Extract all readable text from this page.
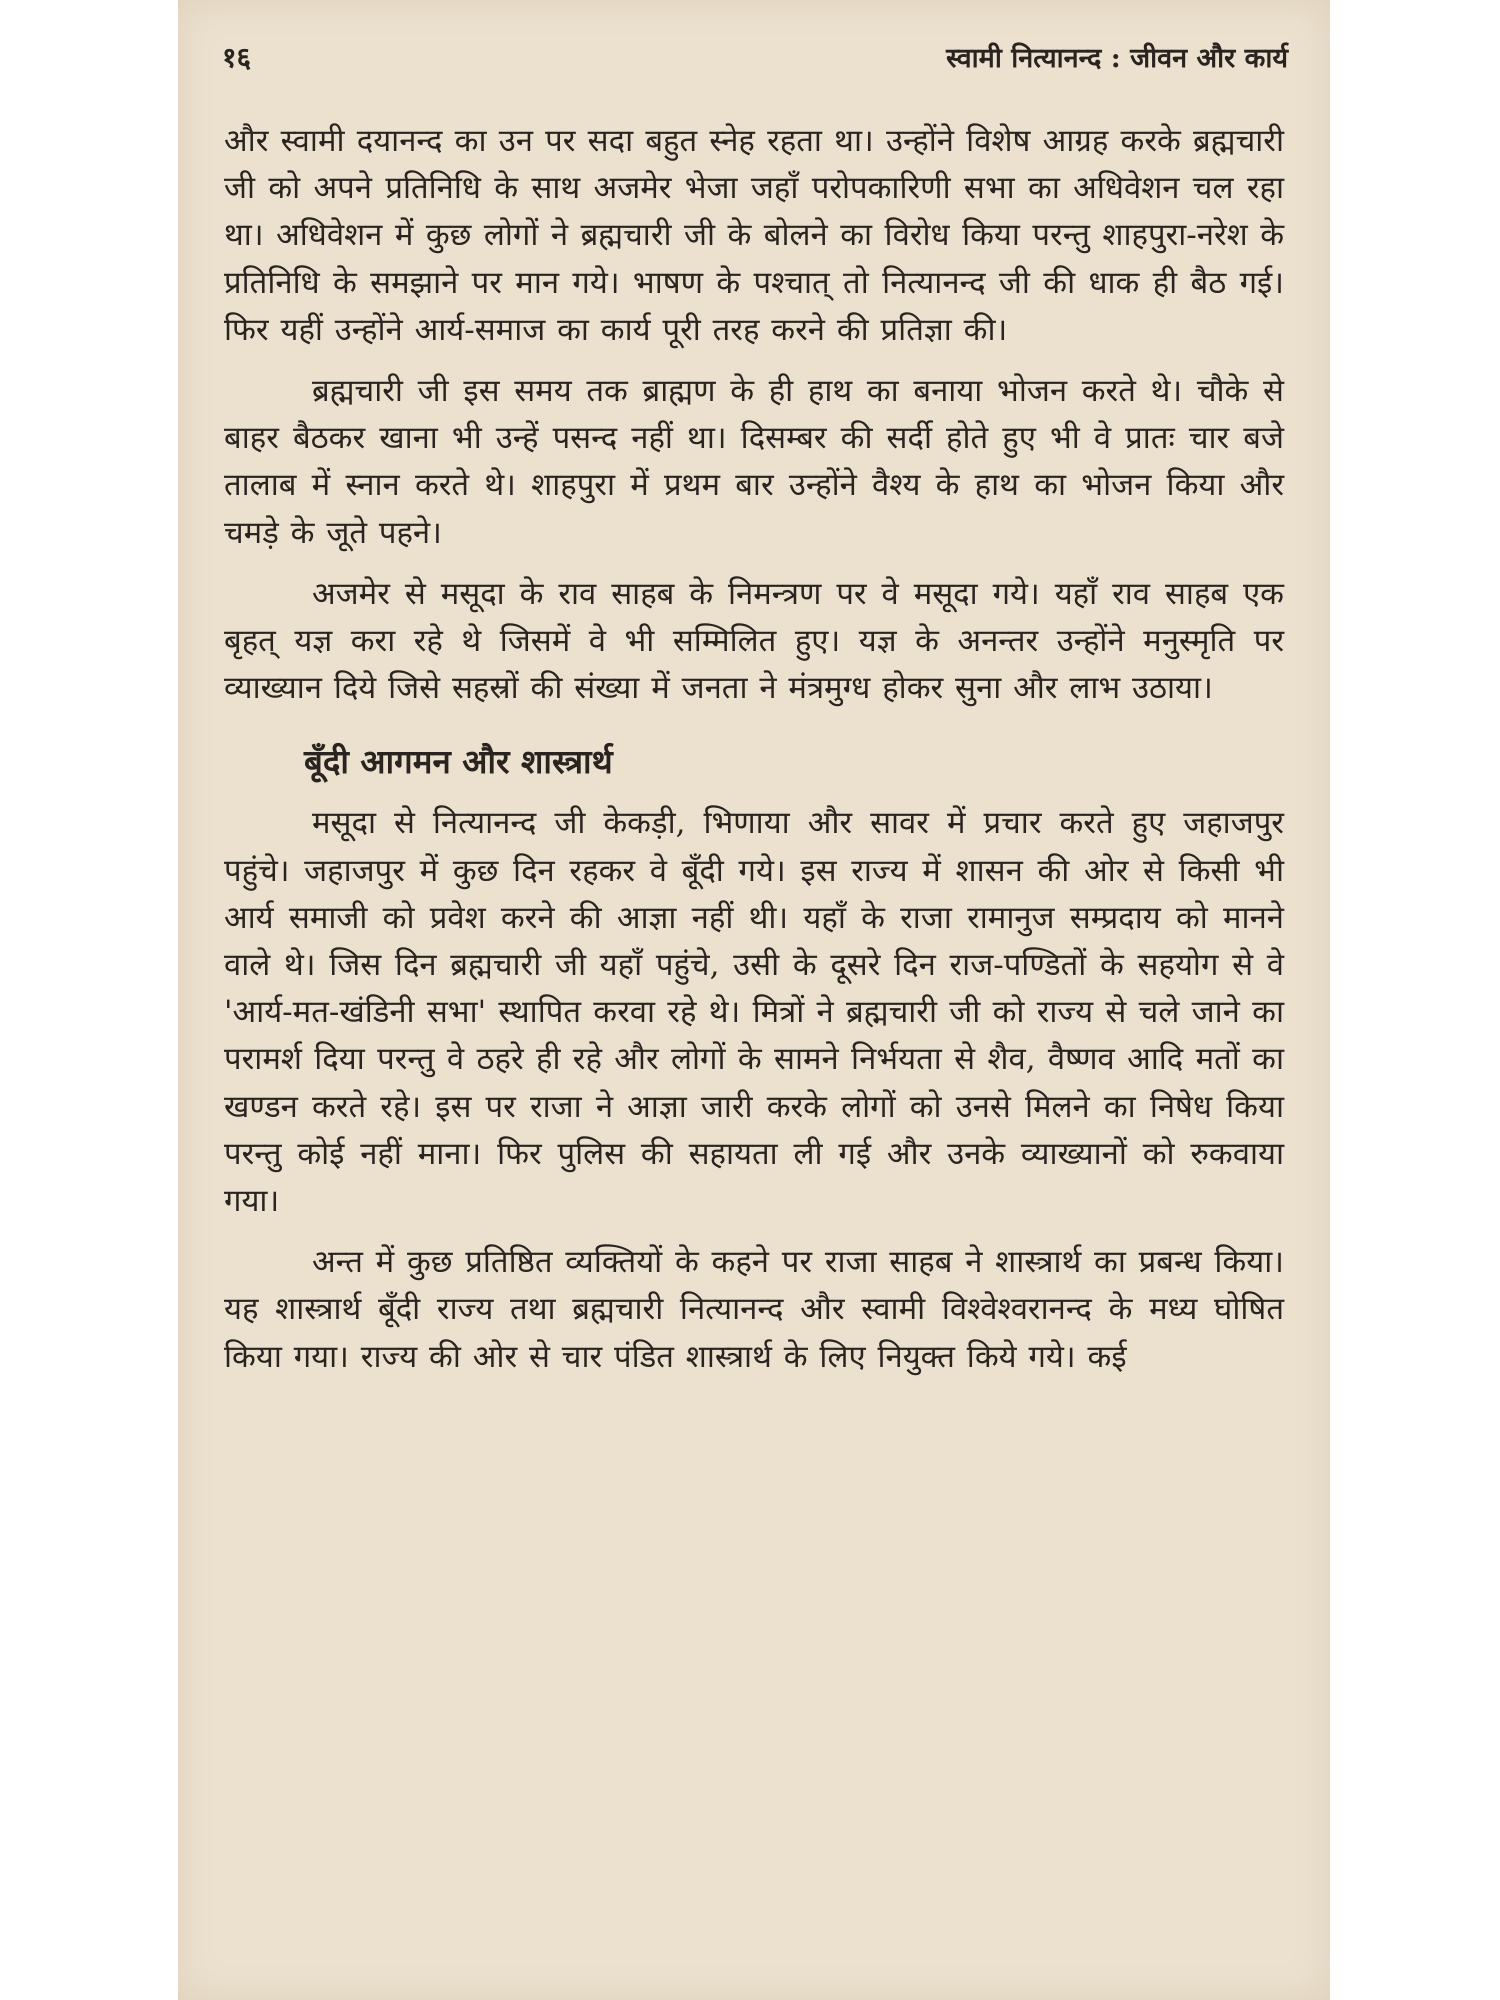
१६	स्वामी नित्यानन्द : जीवन और कार्य

और स्वामी दयानन्द का उन पर सदा बहुत स्नेह रहता था। उन्होंने विशेष आग्रह करके ब्रह्मचारी जी को अपने प्रतिनिधि के साथ अजमेर भेजा जहाँ परोपकारिणी सभा का अधिवेशन चल रहा था। अधिवेशन में कुछ लोगों ने ब्रह्मचारी जी के बोलने का विरोध किया परन्तु शाहपुरा-नरेश के प्रतिनिधि के समझाने पर मान गये। भाषण के पश्चात् तो नित्यानन्द जी की धाक ही बैठ गई। फिर यहीं उन्होंने आर्य-समाज का कार्य पूरी तरह करने की प्रतिज्ञा की।

ब्रह्मचारी जी इस समय तक ब्राह्मण के ही हाथ का बनाया भोजन करते थे। चौके से बाहर बैठकर खाना भी उन्हें पसन्द नहीं था। दिसम्बर की सर्दी होते हुए भी वे प्रातः चार बजे तालाब में स्नान करते थे। शाहपुरा में प्रथम बार उन्होंने वैश्य के हाथ का भोजन किया और चमड़े के जूते पहने।

अजमेर से मसूदा के राव साहब के निमन्त्रण पर वे मसूदा गये। यहाँ राव साहब एक बृहत् यज्ञ करा रहे थे जिसमें वे भी सम्मिलित हुए। यज्ञ के अनन्तर उन्होंने मनुस्मृति पर व्याख्यान दिये जिसे सहस्रों की संख्या में जनता ने मंत्रमुग्ध होकर सुना और लाभ उठाया।

बूँदी आगमन और शास्त्रार्थ

मसूदा से नित्यानन्द जी केकड़ी, भिणाया और सावर में प्रचार करते हुए जहाजपुर पहुंचे। जहाजपुर में कुछ दिन रहकर वे बूँदी गये। इस राज्य में शासन की ओर से किसी भी आर्य समाजी को प्रवेश करने की आज्ञा नहीं थी। यहाँ के राजा रामानुज सम्प्रदाय को मानने वाले थे। जिस दिन ब्रह्मचारी जी यहाँ पहुंचे, उसी के दूसरे दिन राज-पण्डितों के सहयोग से वे 'आर्य-मत-खंडिनी सभा' स्थापित करवा रहे थे। मित्रों ने ब्रह्मचारी जी को राज्य से चले जाने का परामर्श दिया परन्तु वे ठहरे ही रहे और लोगों के सामने निर्भयता से शैव, वैष्णव आदि मतों का खण्डन करते रहे। इस पर राजा ने आज्ञा जारी करके लोगों को उनसे मिलने का निषेध किया परन्तु कोई नहीं माना। फिर पुलिस की सहायता ली गई और उनके व्याख्यानों को रुकवाया गया।

अन्त में कुछ प्रतिष्ठित व्यक्तियों के कहने पर राजा साहब ने शास्त्रार्थ का प्रबन्ध किया। यह शास्त्रार्थ बूँदी राज्य तथा ब्रह्मचारी नित्यानन्द और स्वामी विश्वेश्वरानन्द के मध्य घोषित किया गया। राज्य की ओर से चार पंडित शास्त्रार्थ के लिए नियुक्त किये गये। कई
